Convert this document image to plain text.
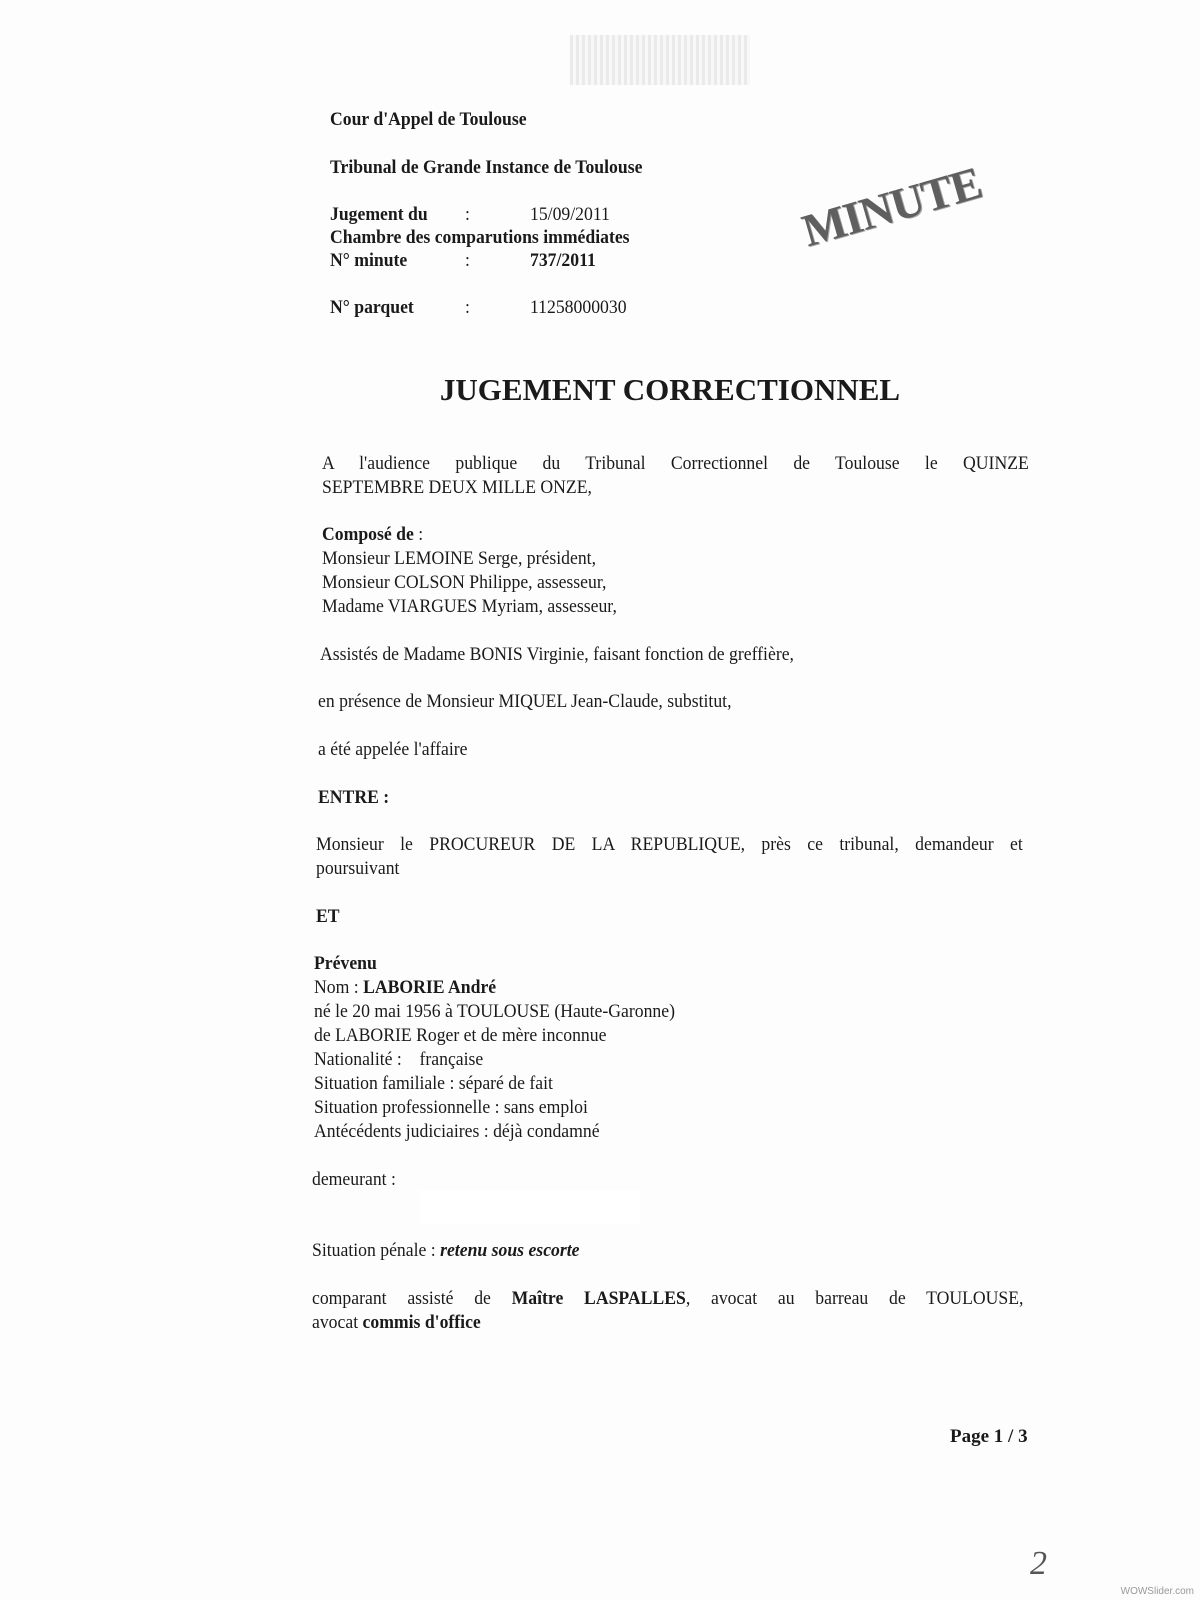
Cour d'Appel de Toulouse
Tribunal de Grande Instance de Toulouse
Jugement du :	15/09/2011
Chambre des comparutions immédiates
N° minute	:	737/2011
N° parquet	:	11258000030
MINUTE
JUGEMENT CORRECTIONNEL
A l'audience publique du Tribunal Correctionnel de Toulouse le QUINZE
SEPTEMBRE DEUX MILLE ONZE,
Composé de :
Monsieur LEMOINE Serge, président,
Monsieur COLSON Philippe, assesseur,
Madame VIARGUES Myriam, assesseur,
Assistés de Madame BONIS Virginie, faisant fonction de greffière,
en présence de Monsieur MIQUEL Jean-Claude, substitut,
a été appelée l'affaire
ENTRE :
Monsieur le PROCUREUR DE LA REPUBLIQUE, près ce tribunal, demandeur et
poursuivant
ET
Prévenu
Nom : LABORIE André
né le 20 mai 1956 à TOULOUSE (Haute-Garonne)
de LABORIE Roger et de mère inconnue
Nationalité :    française
Situation familiale : séparé de fait
Situation professionnelle : sans emploi
Antécédents judiciaires : déjà condamné
demeurant :
Situation pénale : retenu sous escorte
comparant assisté de Maître LASPALLES, avocat au barreau de TOULOUSE,
avocat commis d'office
Page 1 / 3
2
WOWSlider.com
